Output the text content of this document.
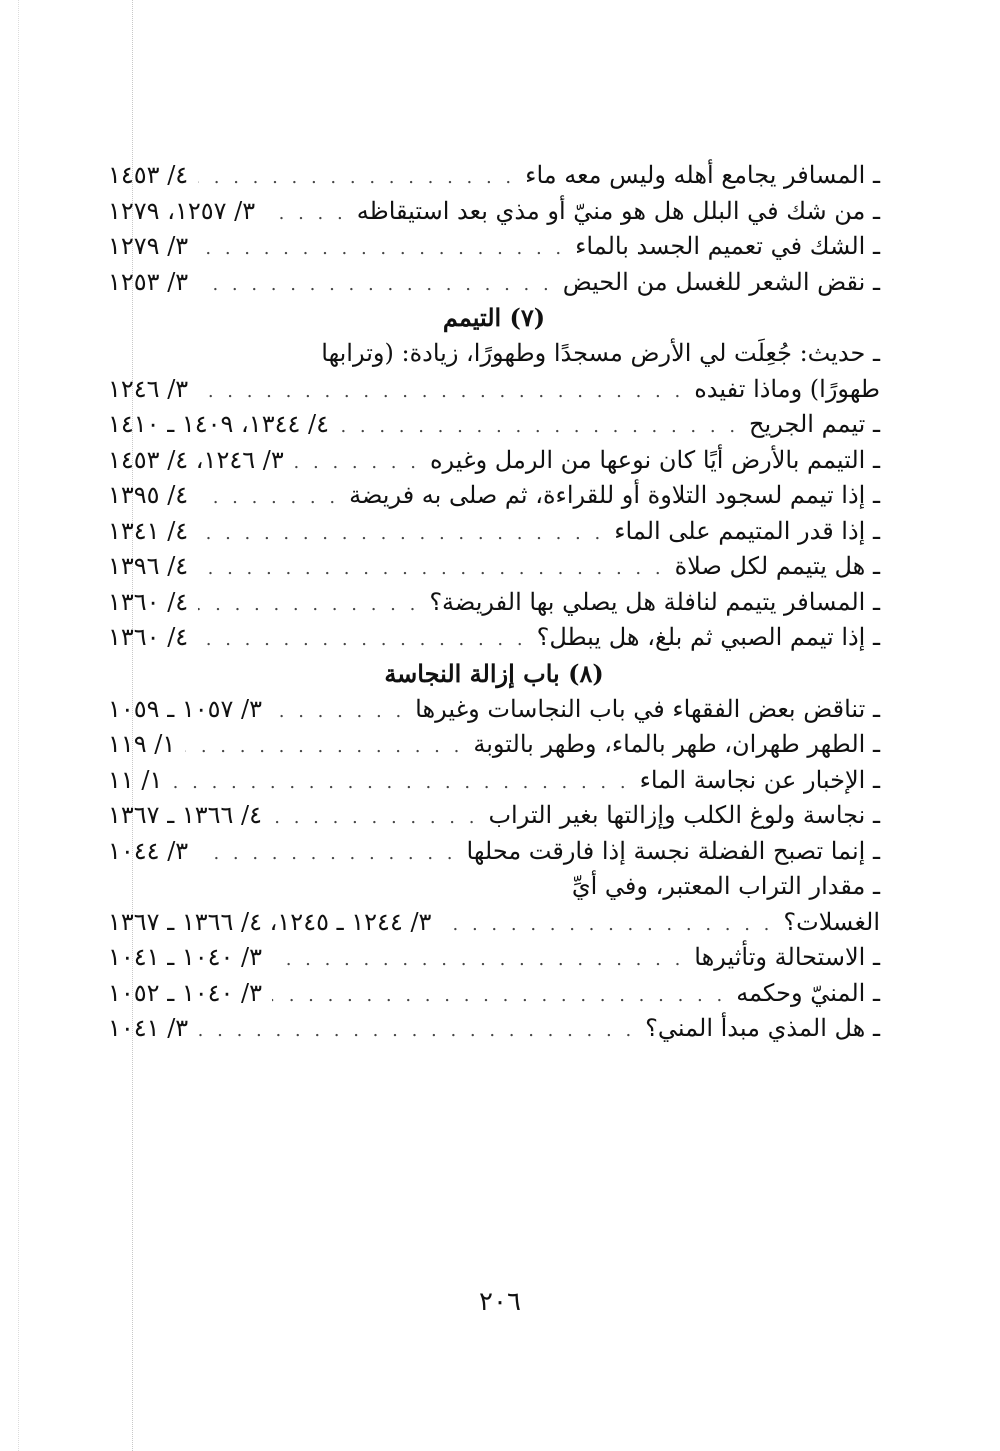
ـ المسافر يجامع أهله وليس معه ماء
. . .
٤/ ١٤٥٣
ـ من شك في البلل هل هو منيّ أو مذي بعد استيقاظه
. . .
٣/ ١٢٥٧، ١٢٧٩
ـ الشك في تعميم الجسد بالماء
. . .
٣/ ١٢٧٩
ـ نقض الشعر للغسل من الحيض
. . .
٣/ ١٢٥٣
(٧) التيمم
ـ حديث: جُعِلَت لي الأرض مسجدًا وطهورًا، زيادة: (وترابها
طهورًا) وماذا تفيده
. . .
٣/ ١٢٤٦
ـ تيمم الجريح
. . .
٤/ ١٣٤٤، ١٤٠٩ ـ ١٤١٠
ـ التيمم بالأرض أيًا كان نوعها من الرمل وغيره
. . .
٣/ ١٢٤٦، ٤/ ١٤٥٣
ـ إذا تيمم لسجود التلاوة أو للقراءة، ثم صلى به فريضة
. . .
٤/ ١٣٩٥
ـ إذا قدر المتيمم على الماء
. . .
٤/ ١٣٤١
ـ هل يتيمم لكل صلاة
. . .
٤/ ١٣٩٦
ـ المسافر يتيمم لنافلة هل يصلي بها الفريضة؟
. . .
٤/ ١٣٦٠
ـ إذا تيمم الصبي ثم بلغ، هل يبطل؟
. . .
٤/ ١٣٦٠
(٨) باب إزالة النجاسة
ـ تناقض بعض الفقهاء في باب النجاسات وغيرها
. . .
٣/ ١٠٥٧ ـ ١٠٥٩
ـ الطهر طهران، طهر بالماء، وطهر بالتوبة
. . .
١/ ١١٩
ـ الإخبار عن نجاسة الماء
. . .
١/ ١١
ـ نجاسة ولوغ الكلب وإزالتها بغير التراب
. . .
٤/ ١٣٦٦ ـ ١٣٦٧
ـ إنما تصبح الفضلة نجسة إذا فارقت محلها
. . .
٣/ ١٠٤٤
ـ مقدار التراب المعتبر، وفي أيِّ
الغسلات؟
. . .
٣/ ١٢٤٤ ـ ١٢٤٥، ٤/ ١٣٦٦ ـ ١٣٦٧
ـ الاستحالة وتأثيرها
. . .
٣/ ١٠٤٠ ـ ١٠٤١
ـ المنيّ وحكمه
. . .
٣/ ١٠٤٠ ـ ١٠٥٢
ـ هل المذي مبدأ المني؟
. . .
٣/ ١٠٤١
٢٠٦
